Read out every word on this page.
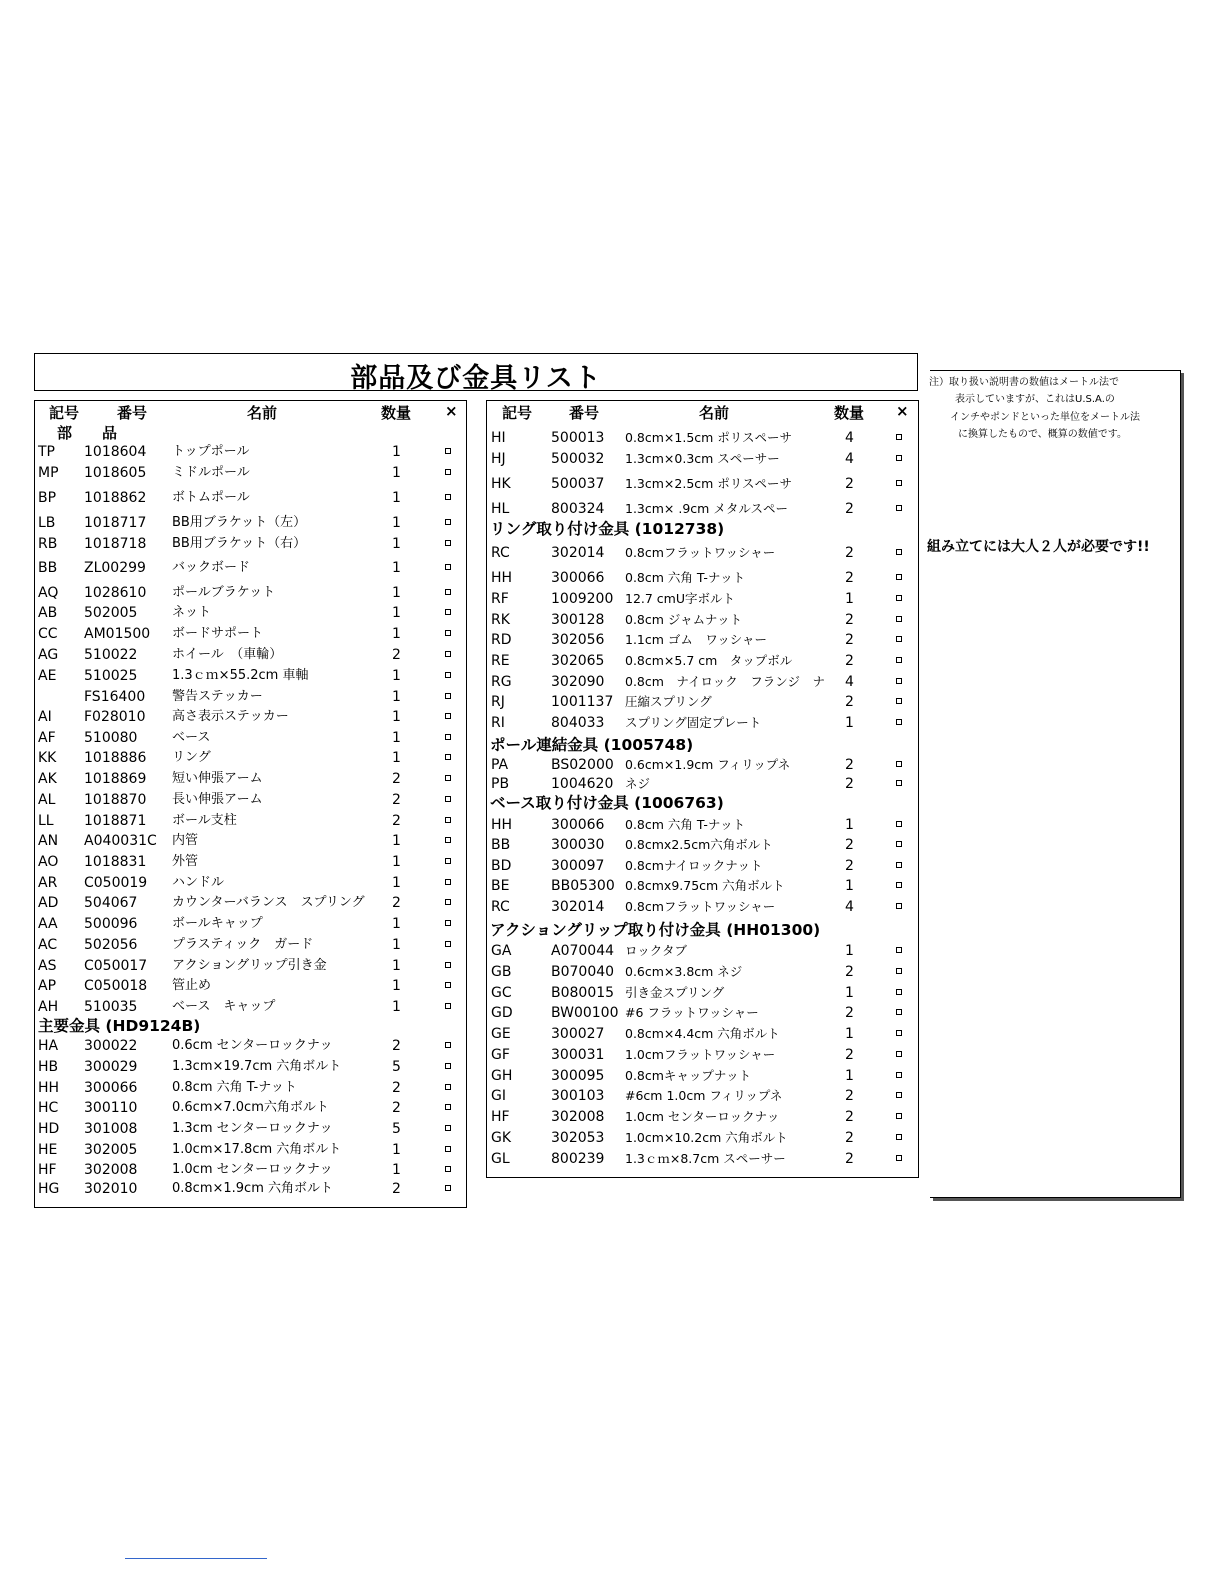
部品及び金具リスト
記号	番号	名前	数量 ×
部　　品
TP 1018604 トップポール	1
MP 1018605 ミドルポール	1
BP 1018862 ボトムポール	1
LB 1018717 BB用ブラケット（左）	1
RB 1018718 BB用ブラケット（右）	1
BB ZL00299 バックボード	1
AQ 1028610 ポールブラケット	1
AB 502005	ネット	1
CC AM01500 ボードサポート	1
AG 510022	ホイール　（車輪）	2
AE 510025	1.3ｃｍ×55.2cm 車軸	1
FS16400 警告ステッカー	1
AI F028010 高さ表示ステッカー	1
AF 510080	ベース	1
KK 1018886 リング	1
AK 1018869 短い伸張アーム	2
AL 1018870 長い伸張アーム	2
LL 1018871 ボール支柱	2
AN A040031C 内管	1
AO 1018831 外管	1
AR C050019 ハンドル	1
AD 504067	カウンターバランス　スプリング 2
AA 500096	ボールキャップ	1
AC 502056	プラスティック　ガード	1
AS C050017 アクショングリップ引き金	1
AP C050018 管止め	1
AH 510035	ベース　キャップ	1
主要金具 (HD9124B)
HA 300022	0.6cm センターロックナッ	2
HB 300029	1.3cm×19.7cm 六角ボルト	5
HH 300066	0.8cm 六角 T-ナット	2
HC 300110	0.6cm×7.0cm六角ボルト	2
HD 301008	1.3cm センターロックナッ	5
HE 302005	1.0cm×17.8cm 六角ボルト	1
HF 302008	1.0cm センターロックナッ	1
HG 302010	0.8cm×1.9cm 六角ボルト	2
記号 番号	名前	数量 ×
HI	500013 0.8cm×1.5cm ポリスペーサ	4
HJ	500032 1.3cm×0.3cm スペーサー	4
HK	500037 1.3cm×2.5cm ポリスペーサ	2
HL	800324 1.3cm× .9cm メタルスペー	2
リング取り付け金具 (1012738)
RC	302014 0.8cmフラットワッシャー	2
HH	300066 0.8cm 六角 T-ナット	2
RF	1009200 12.7 cmU字ボルト	1
RK	300128 0.8cm ジャムナット	2
RD	302056 1.1cm ゴム　ワッシャー	2
RE	302065 0.8cm×5.7 cm　タップボル	2
RG	302090 0.8cm　ナイロック　フランジ　ナ 4
RJ	1001137 圧縮スプリング	2
RI	804033 スプリング固定プレート	1
ポール連結金具 (1005748)
PA	BS02000 0.6cm×1.9cm フィリップネ	2
PB	1004620 ネジ	2
ベース取り付け金具 (1006763)
HH	300066 0.8cm 六角 T-ナット	1
BB	300030 0.8cmx2.5cm六角ボルト	2
BD	300097 0.8cmナイロックナット	2
BE	BB05300 0.8cmx9.75cm 六角ボルト	1
RC	302014 0.8cmフラットワッシャー	4
アクショングリップ取り付け金具 (HH01300)
GA	A070044 ロックタブ	1
GB	B070040 0.6cm×3.8cm ネジ	2
GC	B080015 引き金スプリング	1
GD	BW00100 #6 フラットワッシャー	2
GE	300027 0.8cm×4.4cm 六角ボルト	1
GF	300031 1.0cmフラットワッシャー	2
GH	300095 0.8cmキャップナット	1
GI	300103 #6cm 1.0cm フィリップネ	2
HF	302008 1.0cm センターロックナッ	2
GK	302053 1.0cm×10.2cm 六角ボルト	2
GL	800239 1.3ｃｍ×8.7cm スペーサー	2
注）取り扱い説明書の数値はメートル法で
表示していますが、これはU.S.A.の
インチやポンドといった単位をメートル法
に換算したもので、概算の数値です。
組み立てには大人２人が必要です!!
